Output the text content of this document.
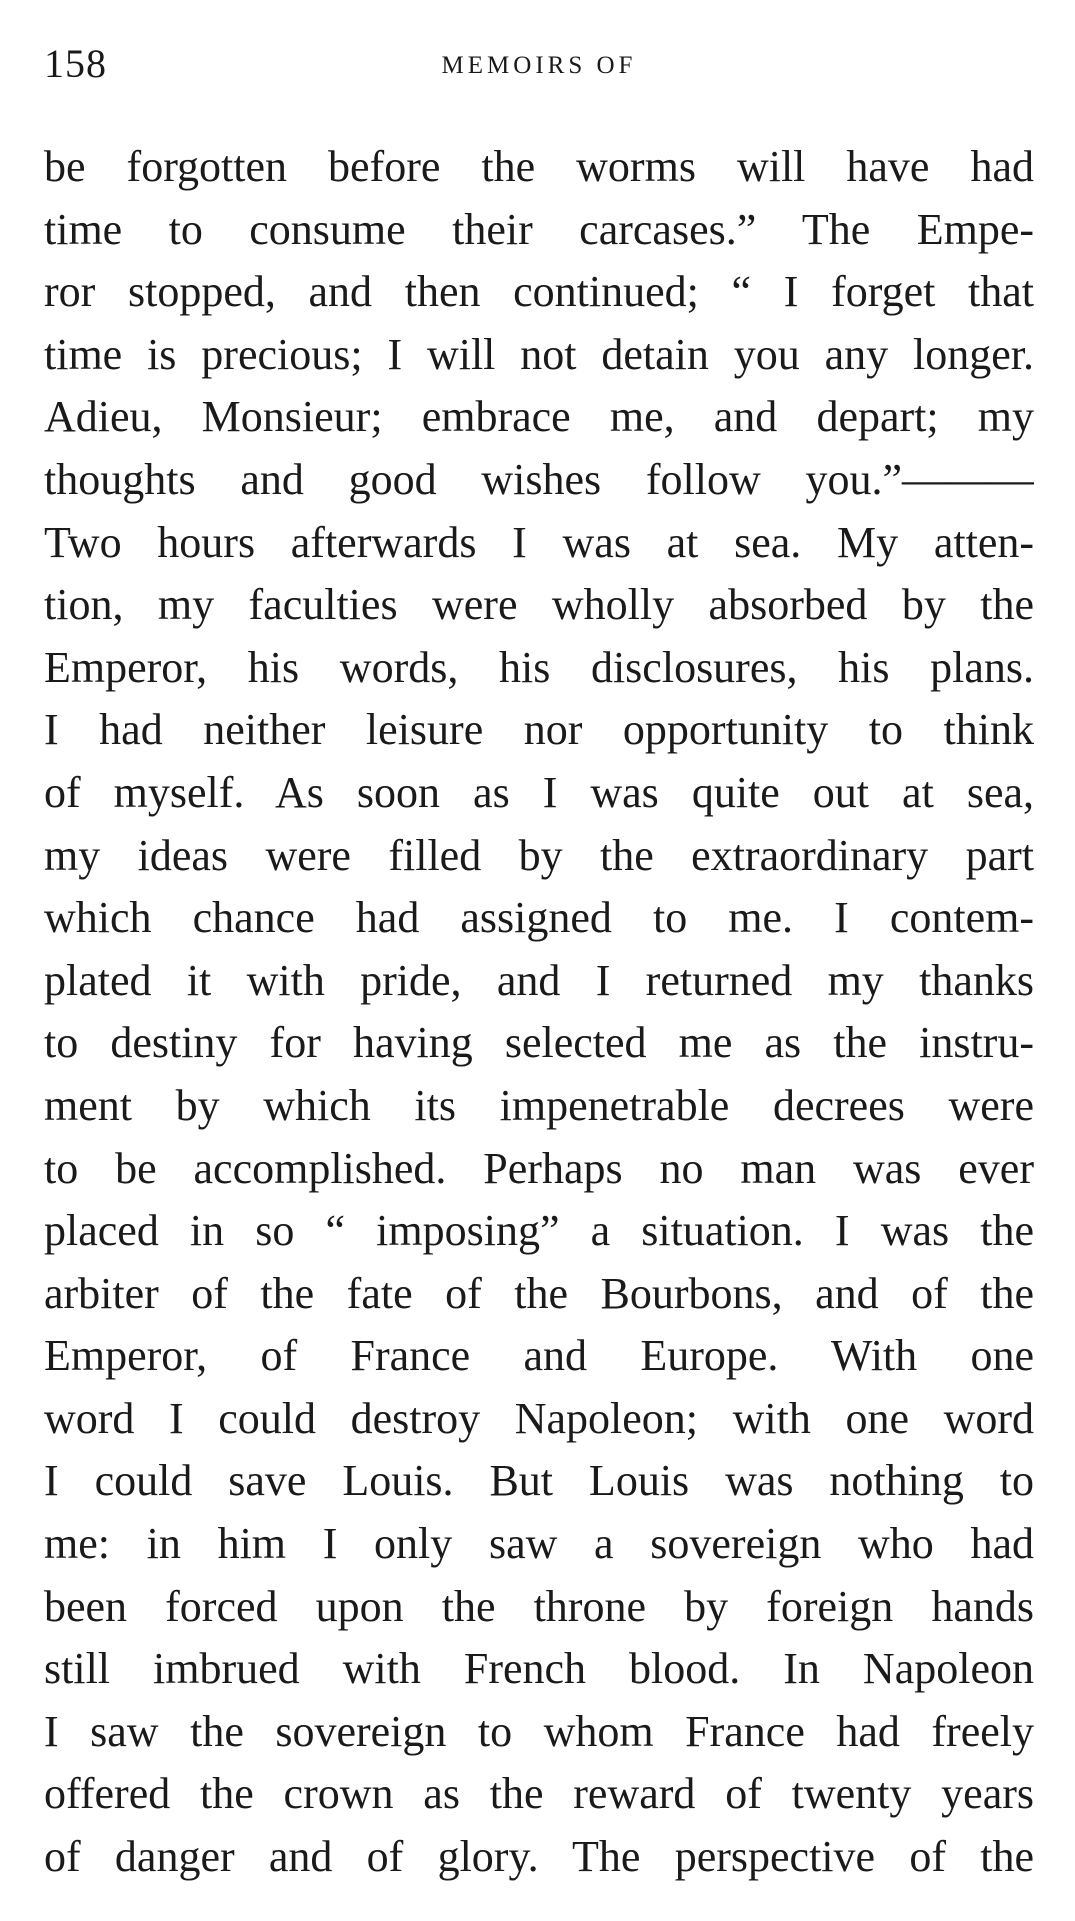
158	MEMOIRS OF
be forgotten before the worms will have had
time to consume their carcases.” The Empe-
ror stopped, and then continued; “ I forget that
time is precious; I will not detain you any longer.
Adieu, Monsieur; embrace me, and depart; my
thoughts and good wishes follow you.”———
Two hours afterwards I was at sea. My atten-
tion, my faculties were wholly absorbed by the
Emperor, his words, his disclosures, his plans.
I had neither leisure nor opportunity to think
of myself. As soon as I was quite out at sea,
my ideas were filled by the extraordinary part
which chance had assigned to me. I contem-
plated it with pride, and I returned my thanks
to destiny for having selected me as the instru-
ment by which its impenetrable decrees were
to be accomplished. Perhaps no man was ever
placed in so “ imposing” a situation. I was the
arbiter of the fate of the Bourbons, and of the
Emperor, of France and Europe. With one
word I could destroy Napoleon; with one word
I could save Louis. But Louis was nothing to
me: in him I only saw a sovereign who had
been forced upon the throne by foreign hands
still imbrued with French blood. In Napoleon
I saw the sovereign to whom France had freely
offered the crown as the reward of twenty years
of danger and of glory. The perspective of the
